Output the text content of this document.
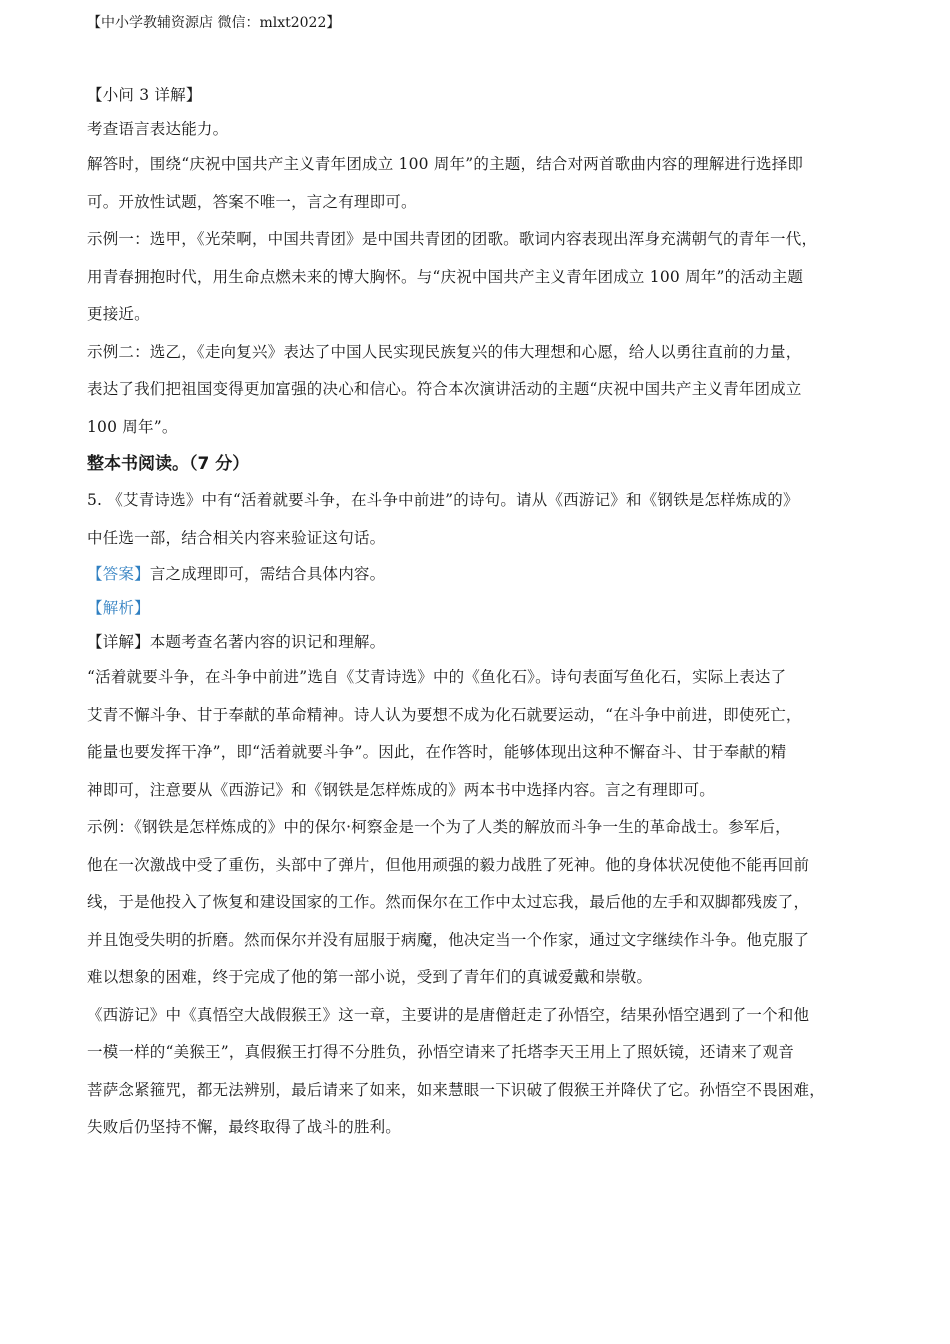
【中小学教辅资源店 微信：mlxt2022】
【小问 3 详解】
考查语言表达能力。
解答时，围绕“庆祝中国共产主义青年团成立 100 周年”的主题，结合对两首歌曲内容的理解进行选择即
可。开放性试题，答案不唯一，言之有理即可。
示例一：选甲，《光荣啊，中国共青团》是中国共青团的团歌。歌词内容表现出浑身充满朝气的青年一代，
用青春拥抱时代，用生命点燃未来的博大胸怀。与“庆祝中国共产主义青年团成立 100 周年”的活动主题
更接近。
示例二：选乙，《走向复兴》表达了中国人民实现民族复兴的伟大理想和心愿，给人以勇往直前的力量，
表达了我们把祖国变得更加富强的决心和信心。符合本次演讲活动的主题“庆祝中国共产主义青年团成立
100 周年”。
整本书阅读。（7 分）
5. 《艾青诗选》中有“活着就要斗争，在斗争中前进”的诗句。请从《西游记》和《钢铁是怎样炼成的》
中任选一部，结合相关内容来验证这句话。
【答案】言之成理即可，需结合具体内容。
【解析】
【详解】本题考查名著内容的识记和理解。
“活着就要斗争，在斗争中前进”选自《艾青诗选》中的《鱼化石》。诗句表面写鱼化石，实际上表达了
艾青不懈斗争、甘于奉献的革命精神。诗人认为要想不成为化石就要运动，“在斗争中前进，即使死亡，
能量也要发挥干净”，即“活着就要斗争”。因此，在作答时，能够体现出这种不懈奋斗、甘于奉献的精
神即可，注意要从《西游记》和《钢铁是怎样炼成的》两本书中选择内容。言之有理即可。
示例：《钢铁是怎样炼成的》中的保尔·柯察金是一个为了人类的解放而斗争一生的革命战士。参军后，
他在一次激战中受了重伤，头部中了弹片，但他用顽强的毅力战胜了死神。他的身体状况使他不能再回前
线，于是他投入了恢复和建设国家的工作。然而保尔在工作中太过忘我，最后他的左手和双脚都残废了，
并且饱受失明的折磨。然而保尔并没有屈服于病魔，他决定当一个作家，通过文字继续作斗争。他克服了
难以想象的困难，终于完成了他的第一部小说，受到了青年们的真诚爱戴和崇敬。
《西游记》中《真悟空大战假猴王》这一章，主要讲的是唐僧赶走了孙悟空，结果孙悟空遇到了一个和他
一模一样的“美猴王”，真假猴王打得不分胜负，孙悟空请来了托塔李天王用上了照妖镜，还请来了观音
菩萨念紧箍咒，都无法辨别，最后请来了如来，如来慧眼一下识破了假猴王并降伏了它。孙悟空不畏困难，
失败后仍坚持不懈，最终取得了战斗的胜利。
